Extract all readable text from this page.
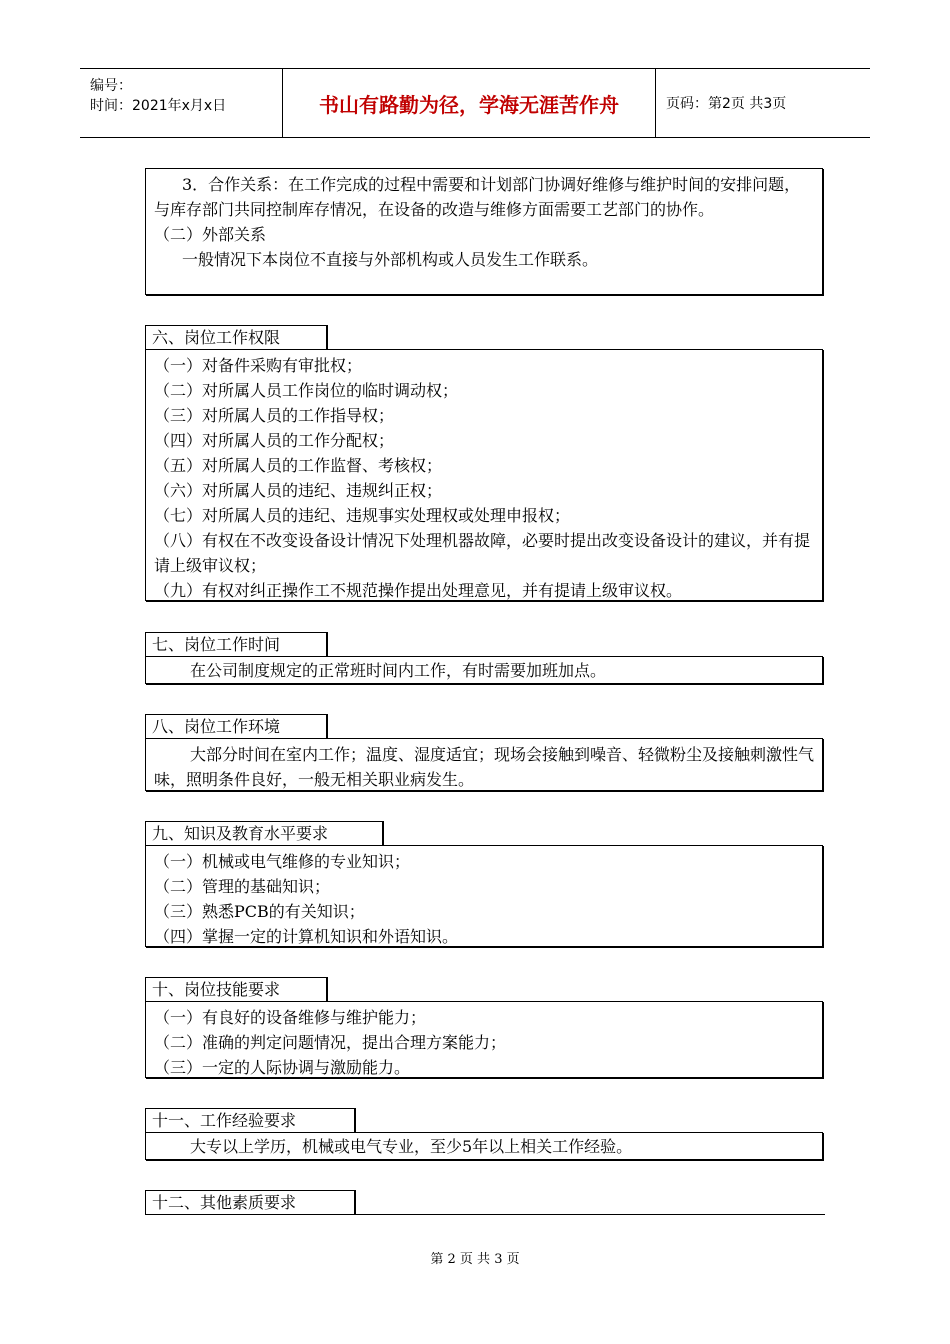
编号：
时间：2021年x月x日	书山有路勤为径，学海无涯苦作舟	页码：第2页 共3页

3．合作关系：在工作完成的过程中需要和计划部门协调好维修与维护时间的安排问题，与库存部门共同控制库存情况，在设备的改造与维修方面需要工艺部门的协作。

（二）外部关系

一般情况下本岗位不直接与外部机构或人员发生工作联系。

六、岗位工作权限

（一）对备件采购有审批权；

（二）对所属人员工作岗位的临时调动权；

（三）对所属人员的工作指导权；

（四）对所属人员的工作分配权；

（五）对所属人员的工作监督、考核权；

（六）对所属人员的违纪、违规纠正权；

（七）对所属人员的违纪、违规事实处理权或处理申报权；

（八）有权在不改变设备设计情况下处理机器故障，必要时提出改变设备设计的建议，并有提请上级审议权；

（九）有权对纠正操作工不规范操作提出处理意见，并有提请上级审议权。

七、岗位工作时间

在公司制度规定的正常班时间内工作，有时需要加班加点。

八、岗位工作环境

大部分时间在室内工作；温度、湿度适宜；现场会接触到噪音、轻微粉尘及接触刺激性气味，照明条件良好，一般无相关职业病发生。

九、知识及教育水平要求

（一）机械或电气维修的专业知识；

（二）管理的基础知识；

（三）熟悉PCB的有关知识；

（四）掌握一定的计算机知识和外语知识。

十、岗位技能要求

（一）有良好的设备维修与维护能力；

（二）准确的判定问题情况，提出合理方案能力；

（三）一定的人际协调与激励能力。

十一、工作经验要求

大专以上学历，机械或电气专业，至少5年以上相关工作经验。

十二、其他素质要求
第 2 页 共 3 页
